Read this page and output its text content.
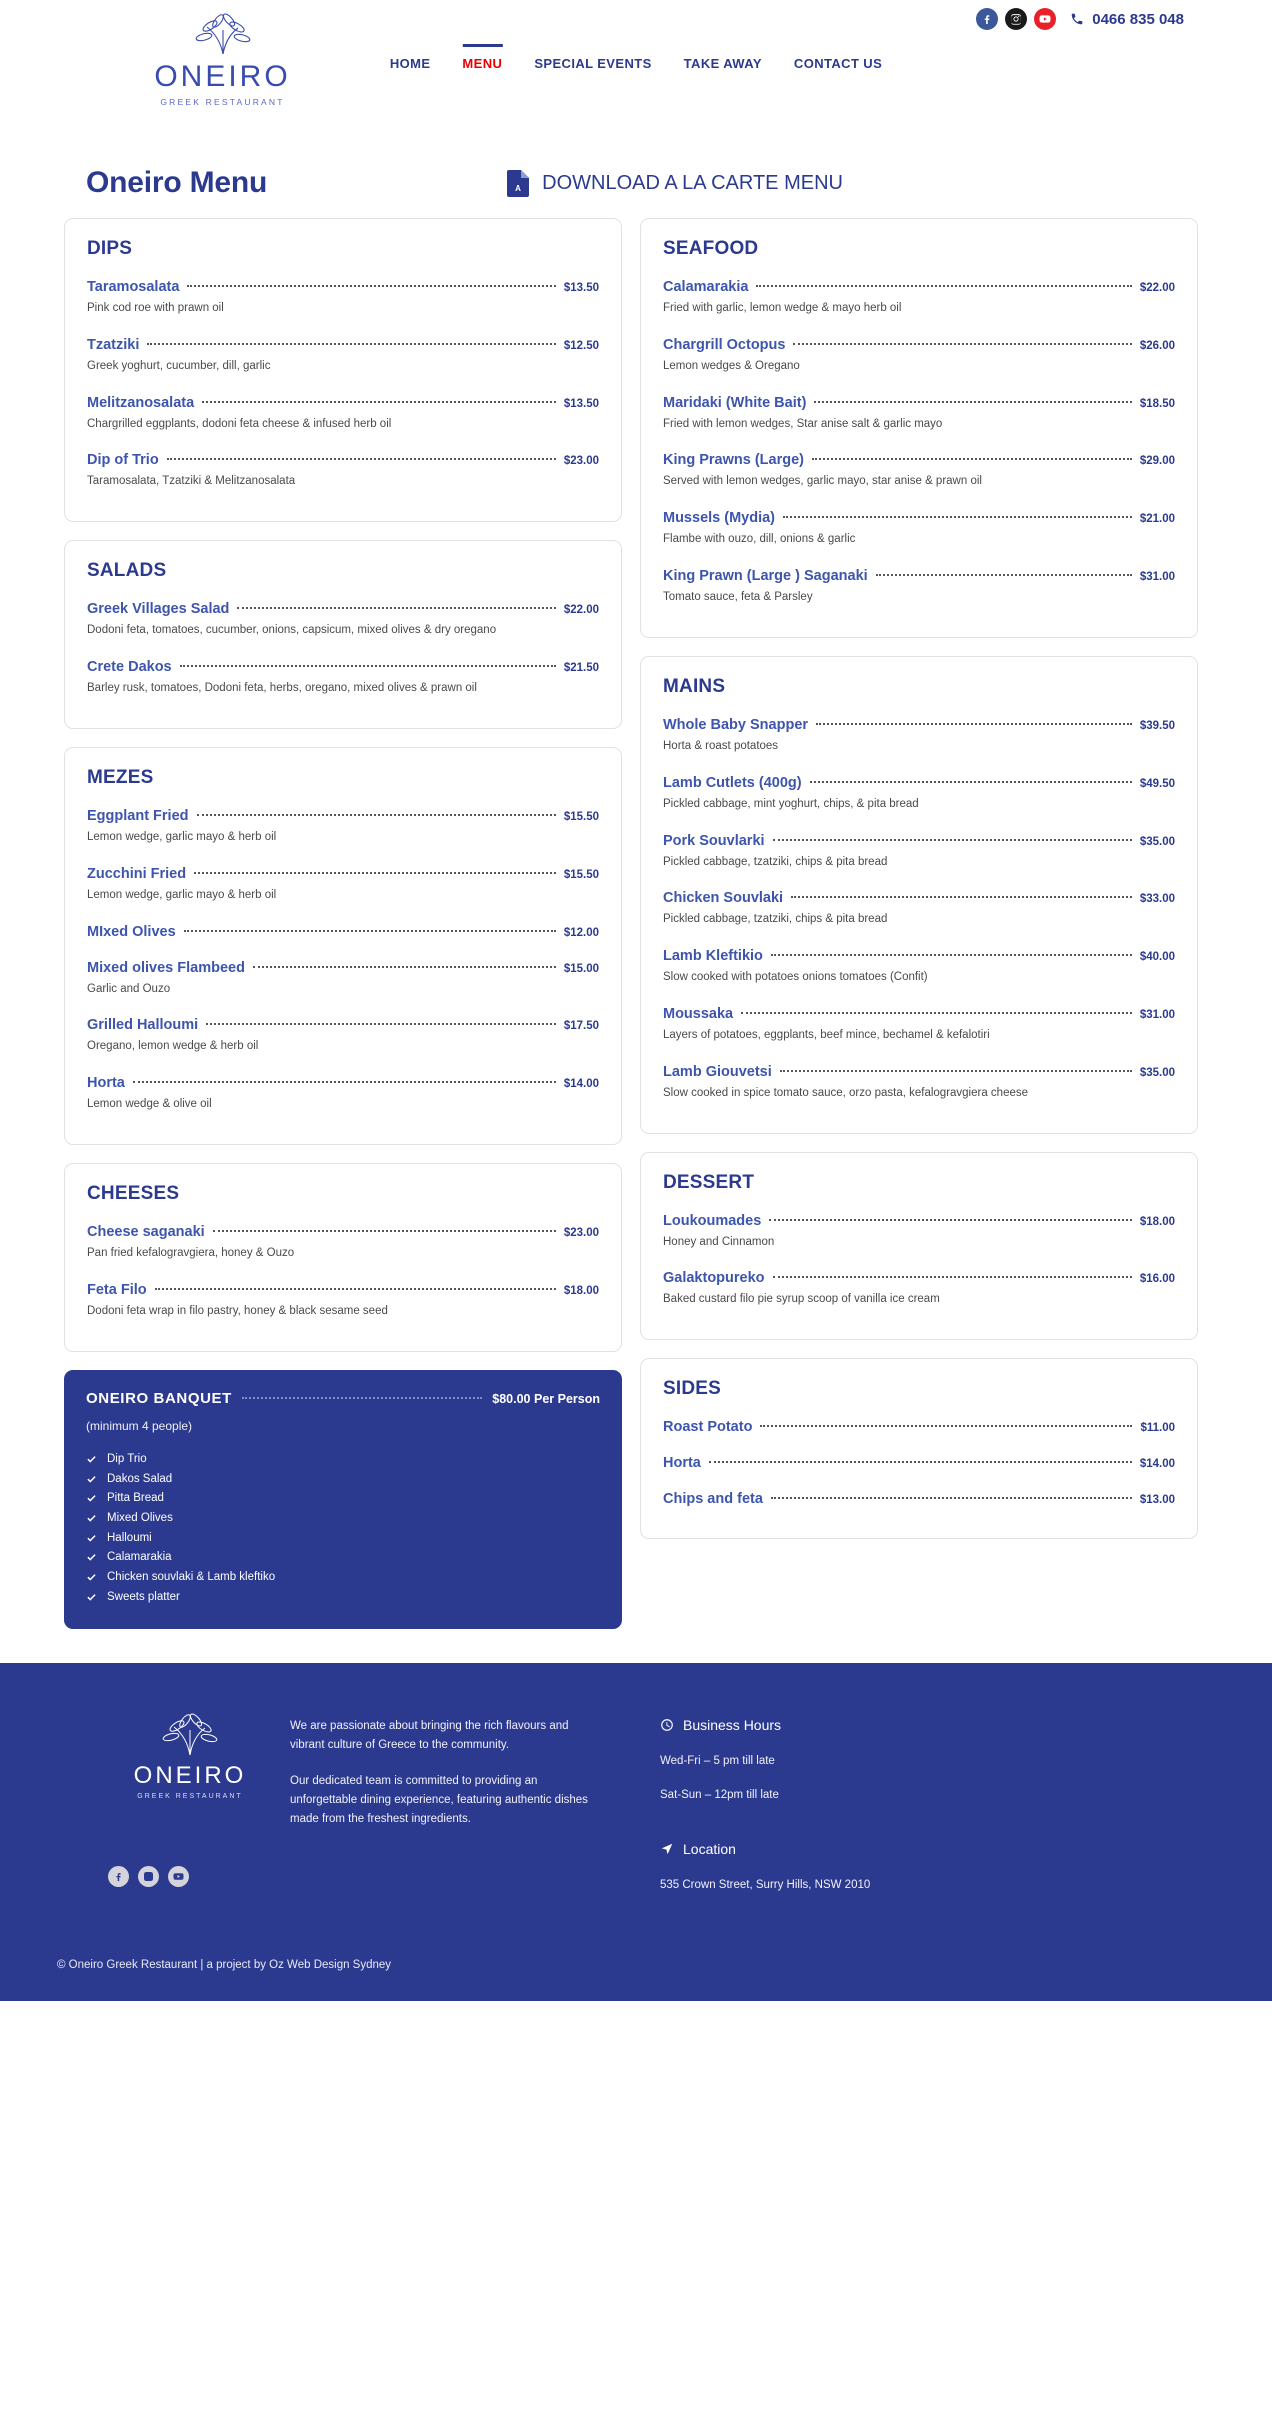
ONEIRO
GREEK RESTAURANT
0466 835 048
HOME MENU SPECIAL EVENTS TAKE AWAY CONTACT US
Oneiro Menu	A DOWNLOAD A LA CARTE MENU
DIPS
Taramosalata	$13.50
Pink cod roe with prawn oil
Tzatziki	$12.50
Greek yoghurt, cucumber, dill, garlic
Melitzanosalata	$13.50
Chargrilled eggplants, dodoni feta cheese & infused herb oil
Dip of Trio	$23.00
Taramosalata, Tzatziki & Melitzanosalata
SALADS
Greek Villages Salad	$22.00
Dodoni feta, tomatoes, cucumber, onions, capsicum, mixed olives & dry oregano
Crete Dakos	$21.50
Barley rusk, tomatoes, Dodoni feta, herbs, oregano, mixed olives & prawn oil
MEZES
Eggplant Fried	$15.50
Lemon wedge, garlic mayo & herb oil
Zucchini Fried	$15.50
Lemon wedge, garlic mayo & herb oil
MIxed Olives	$12.00
Mixed olives Flambeed	$15.00
Garlic and Ouzo
Grilled Halloumi	$17.50
Oregano, lemon wedge & herb oil
Horta	$14.00
Lemon wedge & olive oil
CHEESES
Cheese saganaki	$23.00
Pan fried kefalogravgiera, honey & Ouzo
Feta Filo	$18.00
Dodoni feta wrap in filo pastry, honey & black sesame seed
ONEIRO BANQUET	$80.00 Per Person
(minimum 4 people)
Dip Trio
Dakos Salad
Pitta Bread
Mixed Olives
Halloumi
Calamarakia
Chicken souvlaki & Lamb kleftiko
Sweets platter
SEAFOOD
Calamarakia	$22.00
Fried with garlic, lemon wedge & mayo herb oil
Chargrill Octopus	$26.00
Lemon wedges & Oregano
Maridaki (White Bait)	$18.50
Fried with lemon wedges, Star anise salt & garlic mayo
King Prawns (Large)	$29.00
Served with lemon wedges, garlic mayo, star anise & prawn oil
Mussels (Mydia)	$21.00
Flambe with ouzo, dill, onions & garlic
King Prawn (Large ) Saganaki	$31.00
Tomato sauce, feta & Parsley
MAINS
Whole Baby Snapper	$39.50
Horta & roast potatoes
Lamb Cutlets (400g)	$49.50
Pickled cabbage, mint yoghurt, chips, & pita bread
Pork Souvlarki	$35.00
Pickled cabbage, tzatziki, chips & pita bread
Chicken Souvlaki	$33.00
Pickled cabbage, tzatziki, chips & pita bread
Lamb Kleftikio	$40.00
Slow cooked with potatoes onions tomatoes (Confit)
Moussaka	$31.00
Layers of potatoes, eggplants, beef mince, bechamel & kefalotiri
Lamb Giouvetsi	$35.00
Slow cooked in spice tomato sauce, orzo pasta, kefalogravgiera cheese
DESSERT
Loukoumades	$18.00
Honey and Cinnamon
Galaktopureko	$16.00
Baked custard filo pie syrup scoop of vanilla ice cream
SIDES
Roast Potato	$11.00
Horta	$14.00
Chips and feta	$13.00
ONEIRO
GREEK RESTAURANT

We are passionate about bringing the rich flavours and vibrant culture of Greece to the community.

Our dedicated team is committed to providing an unforgettable dining experience, featuring authentic dishes made from the freshest ingredients.

Business Hours
Wed-Fri – 5 pm till late
Sat-Sun – 12pm till late
Location
535 Crown Street, Surry Hills, NSW 2010
© Oneiro Greek Restaurant | a project by Oz Web Design Sydney
